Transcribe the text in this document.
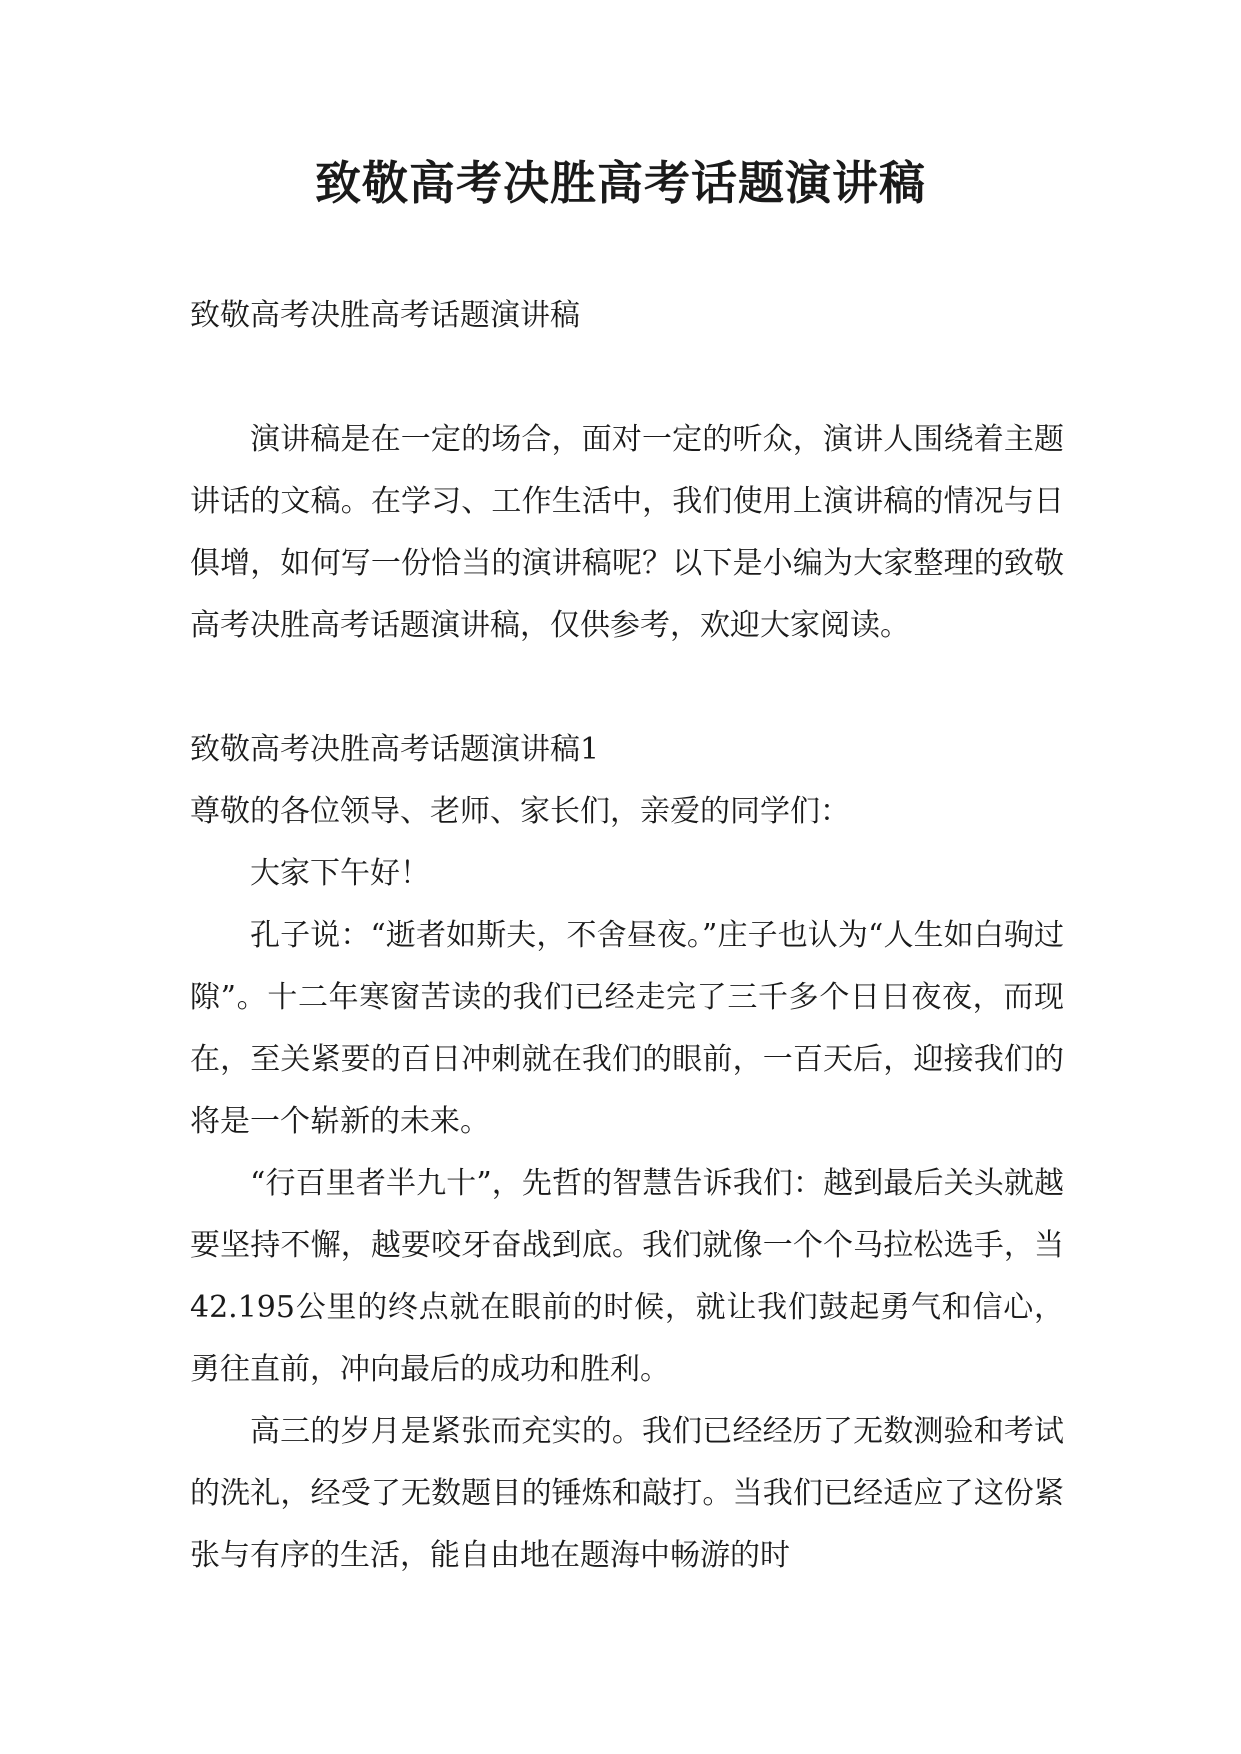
致敬高考决胜高考话题演讲稿

致敬高考决胜高考话题演讲稿

演讲稿是在一定的场合，面对一定的听众，演讲人围绕着主题讲话的文稿。在学习、工作生活中，我们使用上演讲稿的情况与日俱增，如何写一份恰当的演讲稿呢？以下是小编为大家整理的致敬高考决胜高考话题演讲稿，仅供参考，欢迎大家阅读。

致敬高考决胜高考话题演讲稿1

尊敬的各位领导、老师、家长们，亲爱的同学们：

大家下午好！

孔子说：“逝者如斯夫，不舍昼夜。”庄子也认为“人生如白驹过隙”。十二年寒窗苦读的我们已经走完了三千多个日日夜夜，而现在，至关紧要的百日冲刺就在我们的眼前，一百天后，迎接我们的将是一个崭新的未来。

“行百里者半九十”，先哲的智慧告诉我们：越到最后关头就越要坚持不懈，越要咬牙奋战到底。我们就像一个个马拉松选手，当42.195公里的终点就在眼前的时候，就让我们鼓起勇气和信心，勇往直前，冲向最后的成功和胜利。

高三的岁月是紧张而充实的。我们已经经历了无数测验和考试的洗礼，经受了无数题目的锤炼和敲打。当我们已经适应了这份紧张与有序的生活，能自由地在题海中畅游的时
